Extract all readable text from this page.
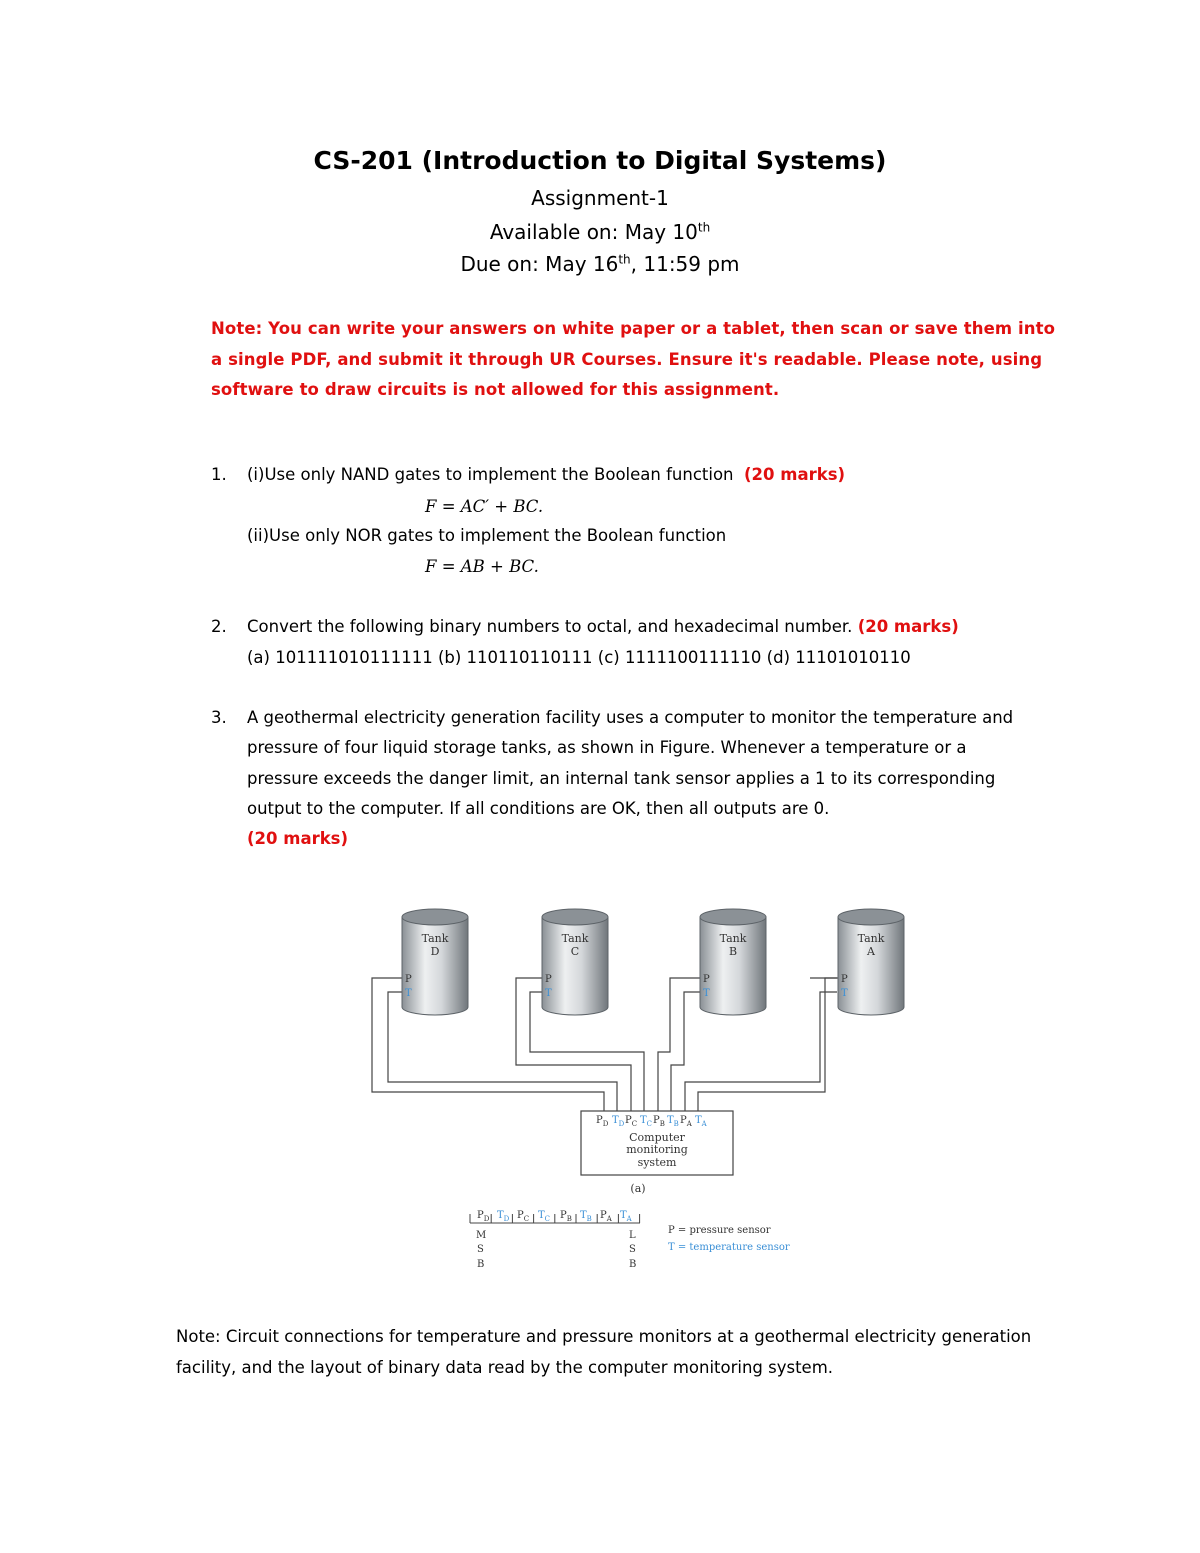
CS-201 (Introduction to Digital Systems)
Assignment-1
Available on: May 10th
Due on: May 16th, 11:59 pm
Note: You can write your answers on white paper or a tablet, then scan or save them into a single PDF, and submit it through UR Courses. Ensure it's readable. Please note, using software to draw circuits is not allowed for this assignment.
1. (i)Use only NAND gates to implement the Boolean function (20 marks)
F = AC′ + BC.
(ii)Use only NOR gates to implement the Boolean function
F = AB + BC.
2. Convert the following binary numbers to octal, and hexadecimal number. (20 marks)
(a) 101111010111111 (b) 110110110111 (c) 1111100111110 (d) 11101010110
3. A geothermal electricity generation facility uses a computer to monitor the temperature and
pressure of four liquid storage tanks, as shown in Figure. Whenever a temperature or a
pressure exceeds the danger limit, an internal tank sensor applies a 1 to its corresponding
output to the computer. If all conditions are OK, then all outputs are 0.
(20 marks)
Tank
D
P
T
Tank
C
P
T
Tank
B
P
T
Tank
A
P
T
$P_D$ $T_D$ $P_C$ $T_C$ $P_B$ $T_B$ $P_A$ $T_A$
Computer
monitoring
system
(a)
$P_D$ $T_D$ $P_C$ $T_C$ $P_B$ $T_B$ $P_A$ $T_A$
M
S
B
L
S
B
P = pressure sensor
T = temperature sensor
Note: Circuit connections for temperature and pressure monitors at a geothermal electricity generation facility, and the layout of binary data read by the computer monitoring system.
